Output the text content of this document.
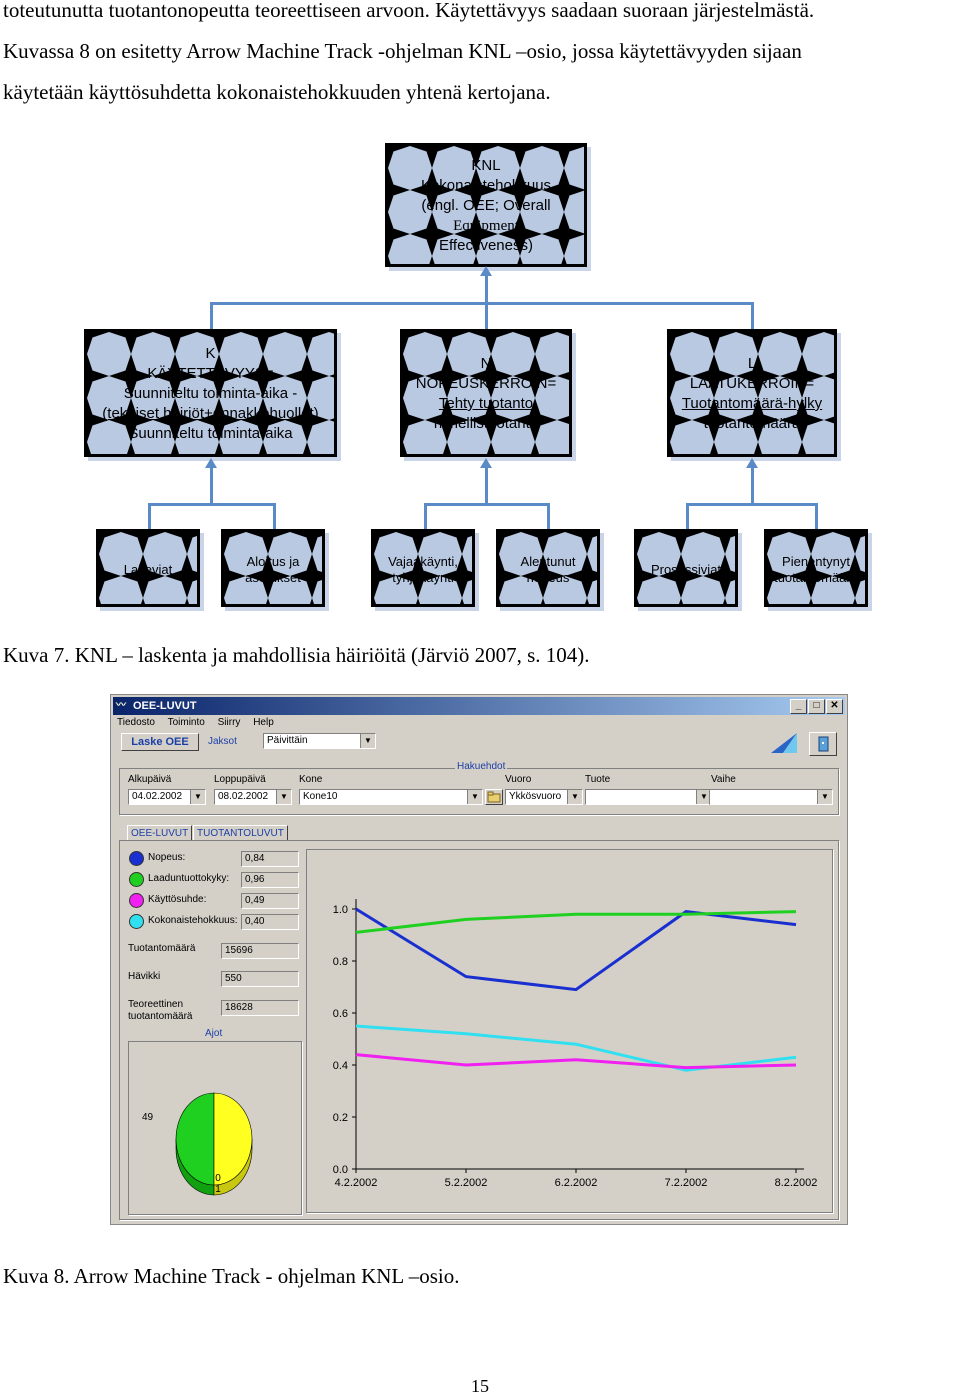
toteutunutta tuotantonopeutta teoreettiseen arvoon. Käytettävyys saadaan suoraan järjestelmästä.
Kuvassa 8 on esitetty Arrow Machine Track -ohjelman KNL –osio, jossa käytettävyyden sijaan
käytetään käyttösuhdetta kokonaistehokkuuden yhtenä kertojana.
KNL
Kokonaistehokkuus
(engl. OEE; Overall
Equipment
Effectiveness)
K
KÄYTETTÄVYYS=
Suunniteltu toiminta-aika -
(tekniset häiriöt+ennakkohuollot)
Suunniteltu toiminta-aika
N
NOPEUSKERROIN=
Tehty tuotanto
nimellistuotanto
L
LAATUKERROIN=
Tuotantomäärä-hylky
tuotantomäärä
Laiteviat
Aloitus ja
asetukset
Vajaakäynti,
tyhjäkäynti
Alentunut
nopeus
Prosessiviat
Pienentynyt
tuotantomäärä
Kuva 7. KNL – laskenta ja mahdollisia häiriöitä (Järviö 2007, s. 104).
〰 OEE-LUVUT	_	□	✕
Tiedosto Toiminto Siirry Help
Laske OEE	Jaksot	Päivittäin	▼
Hakuehdot
Alkupäivä
04.02.2002	▼
Loppupäivä
08.02.2002	▼
Kone
Kone10	▼
Vuoro
Ykkösvuoro	▼
Tuote
▼
Vaihe
▼
OEE-LUVUT TUOTANTOLUVUT
Nopeus:	0,84
Laaduntuottokyky:	0,96
Käyttösuhde:	0,49
Kokonaistehokkuus: 0,40
Tuotantomäärä	15696
Hävikki	550
Teoreettinen tuotantomäärä
18628
Ajot
49
0
1
0.0
0.2
0.4
0.6
0.8
1.0
4.2.2002	5.2.2002	6.2.2002	7.2.2002	8.2.2002
Kuva 8. Arrow Machine Track - ohjelman KNL –osio.
15
